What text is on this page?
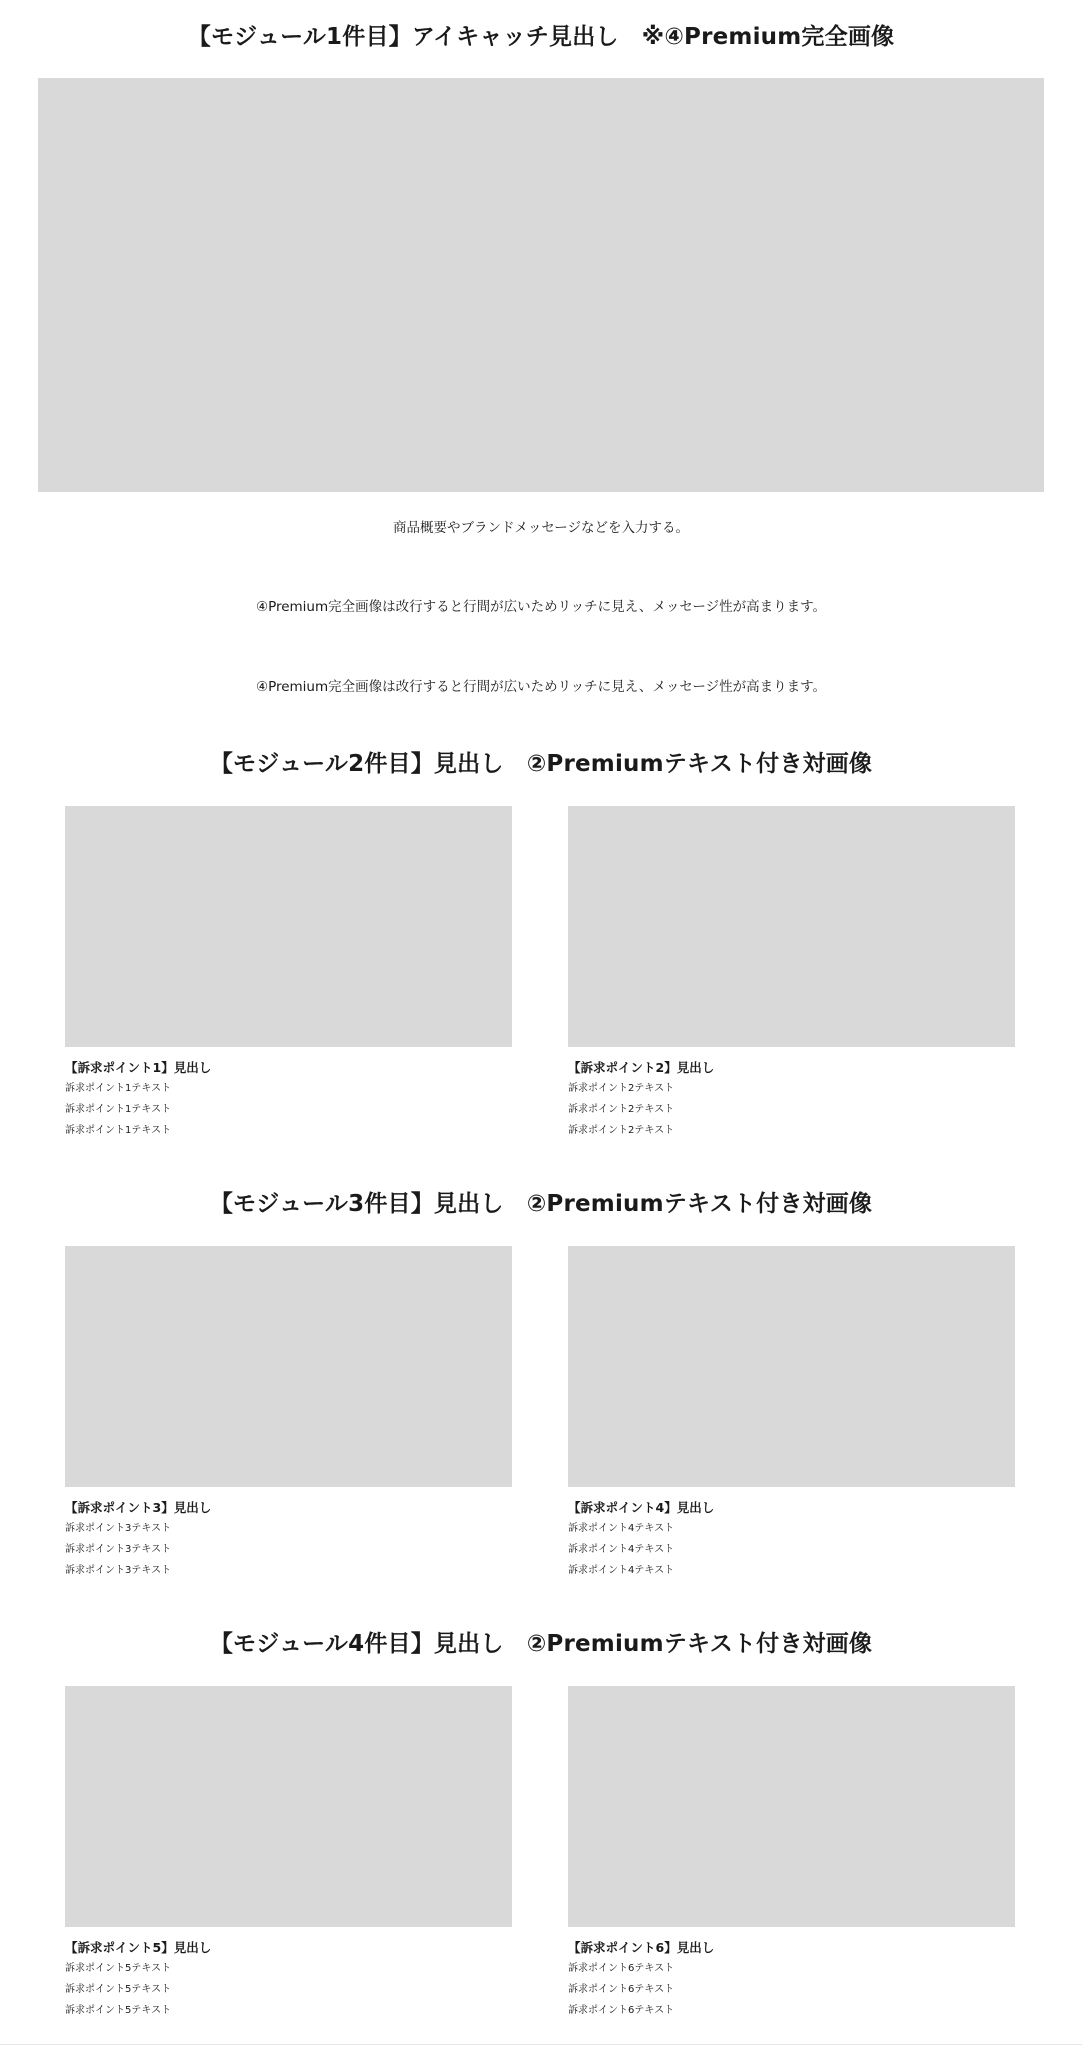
【モジュール1件目】アイキャッチ見出し　※④Premium完全画像

商品概要やブランドメッセージなどを入力する。

④Premium完全画像は改行すると行間が広いためリッチに見え、メッセージ性が高まります。

④Premium完全画像は改行すると行間が広いためリッチに見え、メッセージ性が高まります。

【モジュール2件目】見出し　②Premiumテキスト付き対画像

【訴求ポイント1】見出し

訴求ポイント1テキスト

訴求ポイント1テキスト

訴求ポイント1テキスト

【訴求ポイント2】見出し

訴求ポイント2テキスト

訴求ポイント2テキスト

訴求ポイント2テキスト

【モジュール3件目】見出し　②Premiumテキスト付き対画像

【訴求ポイント3】見出し

訴求ポイント3テキスト

訴求ポイント3テキスト

訴求ポイント3テキスト

【訴求ポイント4】見出し

訴求ポイント4テキスト

訴求ポイント4テキスト

訴求ポイント4テキスト

【モジュール4件目】見出し　②Premiumテキスト付き対画像

【訴求ポイント5】見出し

訴求ポイント5テキスト

訴求ポイント5テキスト

訴求ポイント5テキスト

【訴求ポイント6】見出し

訴求ポイント6テキスト

訴求ポイント6テキスト

訴求ポイント6テキスト
